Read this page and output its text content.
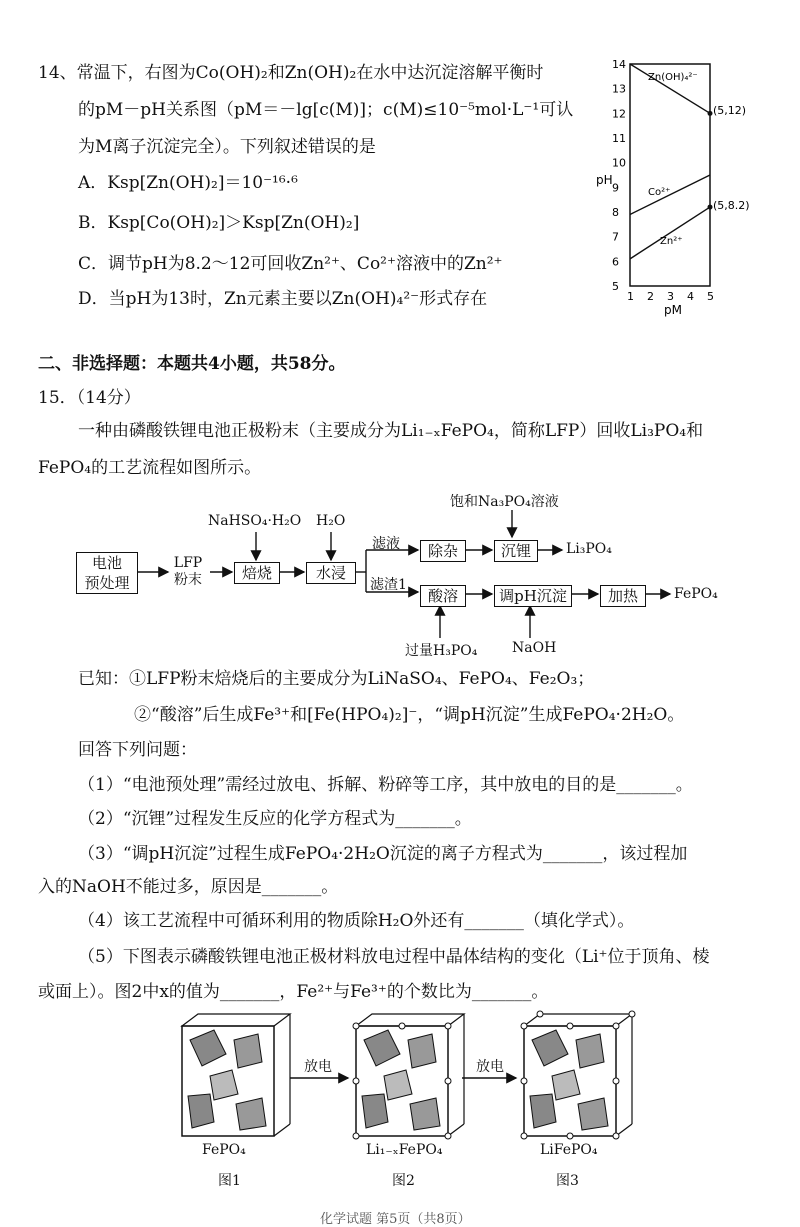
14、常温下，右图为Co(OH)₂和Zn(OH)₂在水中达沉淀溶解平衡时
的pM－pH关系图（pM＝－lg[c(M)]；c(M)≤10⁻⁵mol·L⁻¹可认
为M离子沉淀完全）。下列叙述错误的是
A．Ksp[Zn(OH)₂]＝10⁻¹⁶·⁶
B．Ksp[Co(OH)₂]＞Ksp[Zn(OH)₂]
C．调节pH为8.2～12可回收Zn²⁺、Co²⁺溶液中的Zn²⁺
D．当pH为13时，Zn元素主要以Zn(OH)₄²⁻形式存在
5
6
7
8
9
10
11
12
13
14
1 2 3 4 5
pH
pM
Zn(OH)₄²⁻
Co²⁺
Zn²⁺
(5,12)
(5,8.2)
二、非选择题：本题共4小题，共58分。
15．（14分）
一种由磷酸铁锂电池正极粉末（主要成分为Li₁₋ₓFePO₄，简称LFP）回收Li₃PO₄和
FePO₄的工艺流程如图所示。
电池
预处理
LFP
粉末
NaHSO₄·H₂O
焙烧
H₂O
水浸
滤液
滤渣1
除杂
饱和Na₃PO₄溶液
沉锂	Li₃PO₄
酸溶
过量H₃PO₄
调pH沉淀
NaOH
加热	FePO₄
已知：①LFP粉末焙烧后的主要成分为LiNaSO₄、FePO₄、Fe₂O₃；
②“酸溶”后生成Fe³⁺和[Fe(HPO₄)₂]⁻，“调pH沉淀”生成FePO₄·2H₂O。
回答下列问题：
（1）“电池预处理”需经过放电、拆解、粉碎等工序，其中放电的目的是_______。
（2）“沉锂”过程发生反应的化学方程式为_______。
（3）“调pH沉淀”过程生成FePO₄·2H₂O沉淀的离子方程式为_______，该过程加
入的NaOH不能过多，原因是_______。
（4）该工艺流程中可循环利用的物质除H₂O外还有_______（填化学式）。
（5）下图表示磷酸铁锂电池正极材料放电过程中晶体结构的变化（Li⁺位于顶角、棱
或面上）。图2中x的值为_______，Fe²⁺与Fe³⁺的个数比为_______。
放电	放电
FePO₄	Li₁₋ₓFePO₄	LiFePO₄
图1	图2	图3
化学试题 第5页（共8页）
